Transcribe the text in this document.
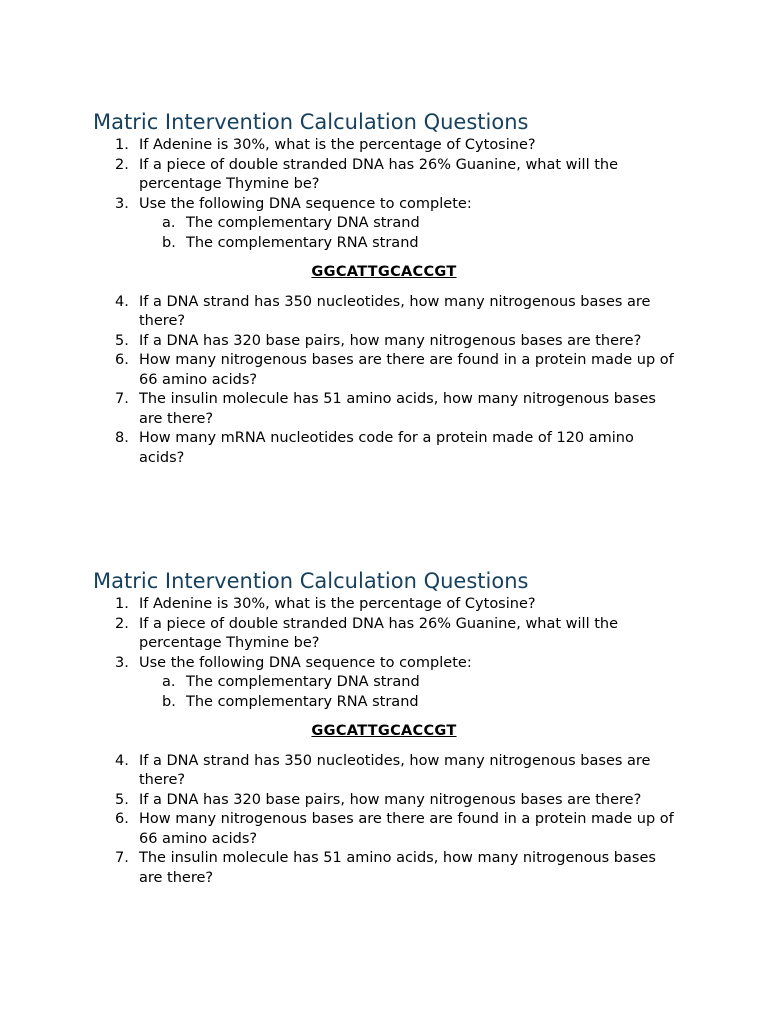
Matric Intervention Calculation Questions
1. If Adenine is 30%, what is the percentage of Cytosine?
2. If a piece of double stranded DNA has 26% Guanine, what will the percentage Thymine be?
3. Use the following DNA sequence to complete:
a. The complementary DNA strand
b. The complementary RNA strand
GGCATTGCACCGT
4. If a DNA strand has 350 nucleotides, how many nitrogenous bases are there?
5. If a DNA has 320 base pairs, how many nitrogenous bases are there?
6. How many nitrogenous bases are there are found in a protein made up of 66 amino acids?
7. The insulin molecule has 51 amino acids, how many nitrogenous bases are there?
8. How many mRNA nucleotides code for a protein made of 120 amino acids?
Matric Intervention Calculation Questions
1. If Adenine is 30%, what is the percentage of Cytosine?
2. If a piece of double stranded DNA has 26% Guanine, what will the percentage Thymine be?
3. Use the following DNA sequence to complete:
a. The complementary DNA strand
b. The complementary RNA strand
GGCATTGCACCGT
4. If a DNA strand has 350 nucleotides, how many nitrogenous bases are there?
5. If a DNA has 320 base pairs, how many nitrogenous bases are there?
6. How many nitrogenous bases are there are found in a protein made up of 66 amino acids?
7. The insulin molecule has 51 amino acids, how many nitrogenous bases are there?
